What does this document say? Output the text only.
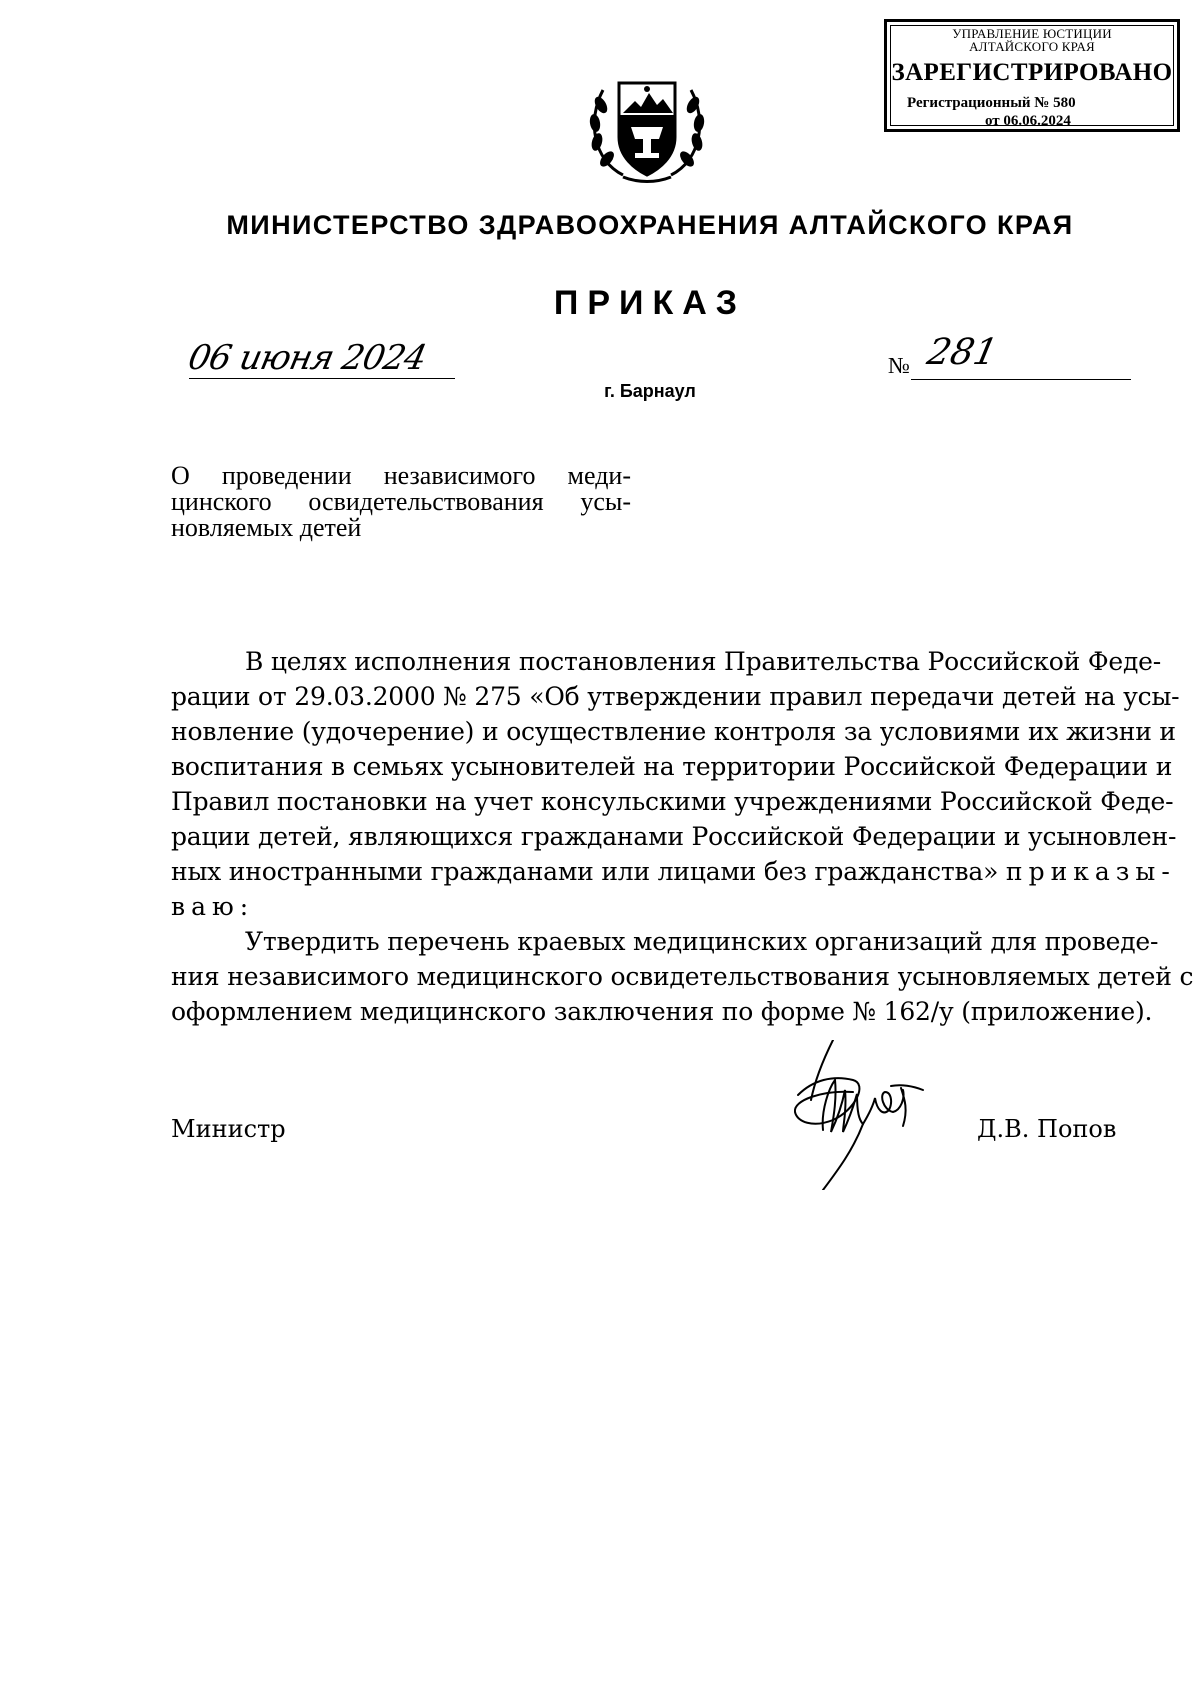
УПРАВЛЕНИЕ ЮСТИЦИИ
АЛТАЙСКОГО КРАЯ
ЗАРЕГИСТРИРОВАНО
Регистрационный № 580
от 06.06.2024
МИНИСТЕРСТВО ЗДРАВООХРАНЕНИЯ АЛТАЙСКОГО КРАЯ
ПРИКАЗ
06 июня 2024	№ 281
г. Барнаул
О проведении независимого меди-
цинского освидетельствования усы-
новляемых детей
В целях исполнения постановления Правительства Российской Феде-
рации от 29.03.2000 № 275 «Об утверждении правил передачи детей на усы-
новление (удочерение) и осуществление контроля за условиями их жизни и
воспитания в семьях усыновителей на территории Российской Федерации и
Правил постановки на учет консульскими учреждениями Российской Феде-
рации детей, являющихся гражданами Российской Федерации и усыновлен-
ных иностранными гражданами или лицами без гражданства» приказы-
ваю:
Утвердить перечень краевых медицинских организаций для проведе-
ния независимого медицинского освидетельствования усыновляемых детей с
оформлением медицинского заключения по форме № 162/у (приложение).
Министр	Д.В. Попов
